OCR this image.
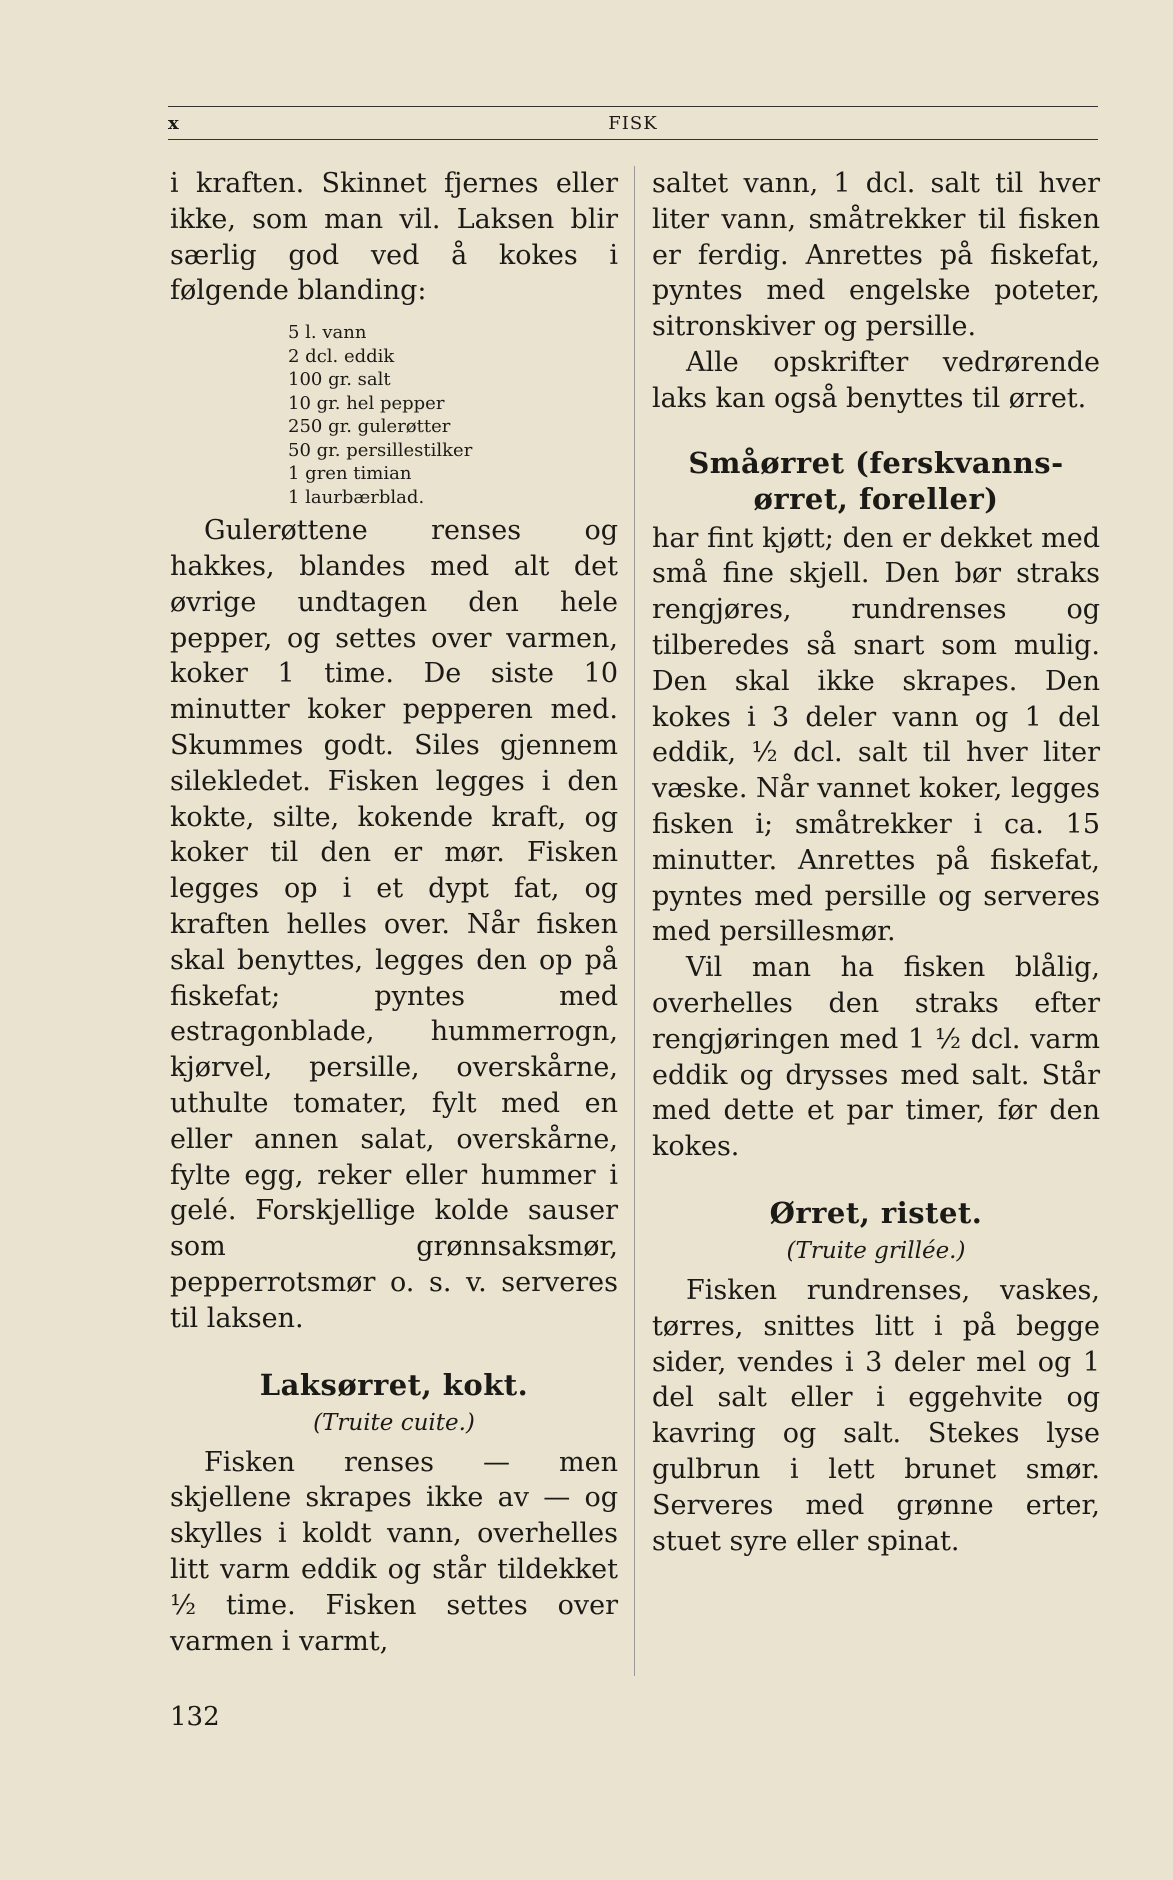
x	FISK

i kraften. Skinnet fjernes eller ikke, som man vil. Laksen blir særlig god ved å kokes i følgende blanding:

5 l. vann
2 dcl. eddik
100 gr. salt
10 gr. hel pepper
250 gr. gulerøtter
50 gr. persillestilker
1 gren timian
1 laurbærblad.

Gulerøttene renses og hakkes, blandes med alt det øvrige undtagen den hele pepper, og settes over varmen, koker 1 time. De siste 10 minutter koker pepperen med. Skummes godt. Siles gjennem silekledet. Fisken legges i den kokte, silte, kokende kraft, og koker til den er mør. Fisken legges op i et dypt fat, og kraften helles over. Når fisken skal benyttes, legges den op på fiskefat; pyntes med estragonblade, hummerrogn, kjørvel, persille, overskårne, uthulte tomater, fylt med en eller annen salat, overskårne, fylte egg, reker eller hummer i gelé. Forskjellige kolde sauser som grønnsaksmør, pepperrotsmør o. s. v. serveres til laksen.

Laksørret, kokt.
(Truite cuite.)

Fisken renses — men skjellene skrapes ikke av — og skylles i koldt vann, overhelles litt varm eddik og står tildekket ½ time. Fisken settes over varmen i varmt,

saltet vann, 1 dcl. salt til hver liter vann, småtrekker til fisken er ferdig. Anrettes på fiskefat, pyntes med engelske poteter, sitronskiver og persille.

Alle opskrifter vedrørende laks kan også benyttes til ørret.

Småørret (ferskvanns-ørret, foreller)

har fint kjøtt; den er dekket med små fine skjell. Den bør straks rengjøres, rundrenses og tilberedes så snart som mulig. Den skal ikke skrapes. Den kokes i 3 deler vann og 1 del eddik, ½ dcl. salt til hver liter væske. Når vannet koker, legges fisken i; småtrekker i ca. 15 minutter. Anrettes på fiskefat, pyntes med persille og serveres med persillesmør.

Vil man ha fisken blålig, overhelles den straks efter rengjøringen med 1 ½ dcl. varm eddik og drysses med salt. Står med dette et par timer, før den kokes.

Ørret, ristet.
(Truite grillée.)

Fisken rundrenses, vaskes, tørres, snittes litt i på begge sider, vendes i 3 deler mel og 1 del salt eller i eggehvite og kavring og salt. Stekes lyse gulbrun i lett brunet smør. Serveres med grønne erter, stuet syre eller spinat.

132
